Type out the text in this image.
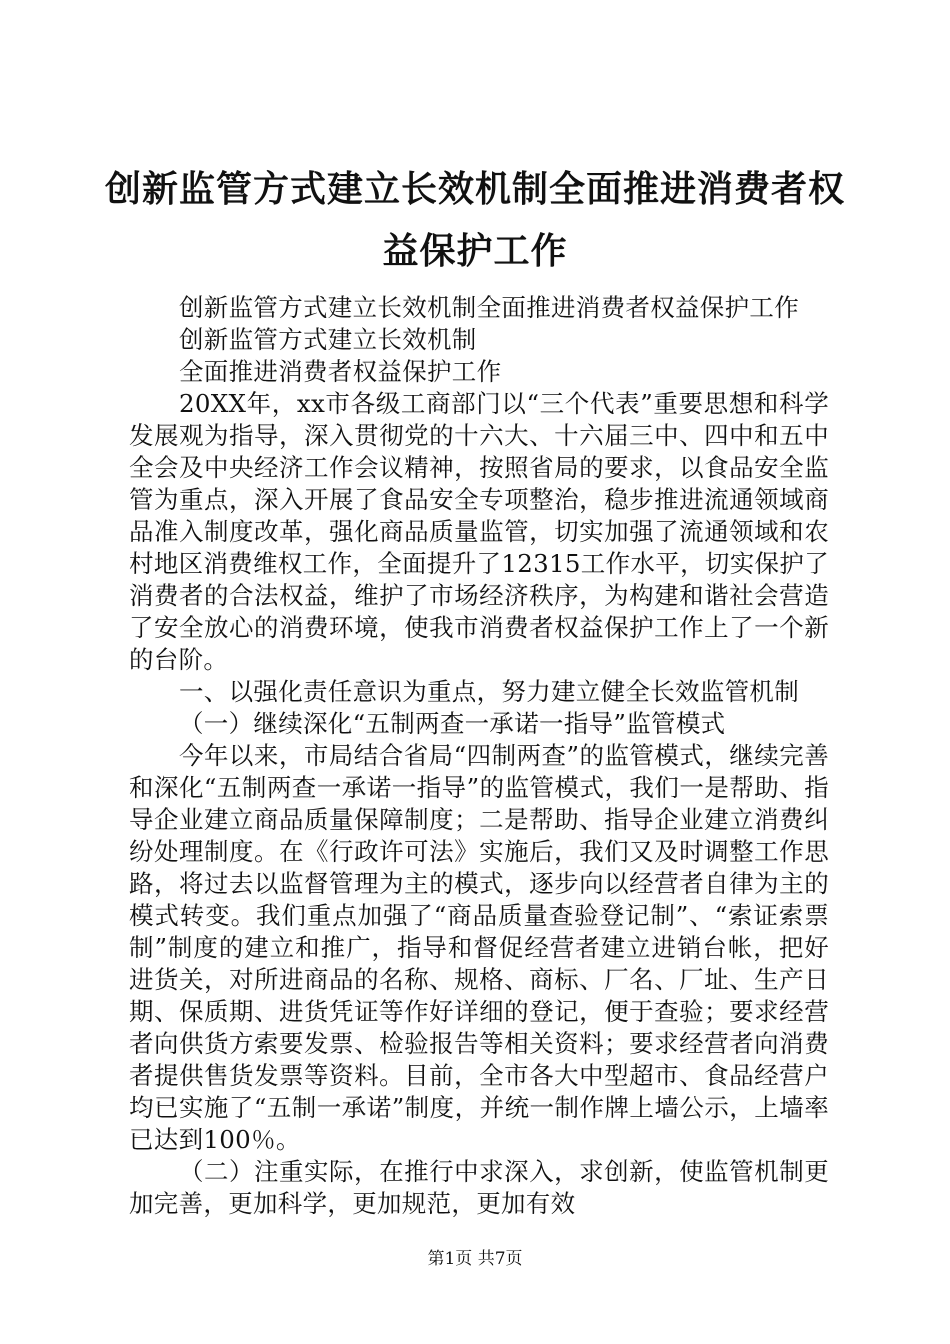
创新监管方式建立长效机制全面推进消费者权益保护工作

创新监管方式建立长效机制全面推进消费者权益保护工作

创新监管方式建立长效机制

全面推进消费者权益保护工作

20XX年，xx市各级工商部门以“三个代表”重要思想和科学发展观为指导，深入贯彻党的十六大、十六届三中、四中和五中全会及中央经济工作会议精神，按照省局的要求，以食品安全监管为重点，深入开展了食品安全专项整治，稳步推进流通领域商品准入制度改革，强化商品质量监管，切实加强了流通领域和农村地区消费维权工作，全面提升了12315工作水平，切实保护了消费者的合法权益，维护了市场经济秩序，为构建和谐社会营造了安全放心的消费环境，使我市消费者权益保护工作上了一个新的台阶。

一、以强化责任意识为重点，努力建立健全长效监管机制

（一）继续深化“五制两查一承诺一指导”监管模式

今年以来，市局结合省局“四制两查”的监管模式，继续完善和深化“五制两查一承诺一指导”的监管模式，我们一是帮助、指导企业建立商品质量保障制度；二是帮助、指导企业建立消费纠纷处理制度。在《行政许可法》实施后，我们又及时调整工作思路，将过去以监督管理为主的模式，逐步向以经营者自律为主的模式转变。我们重点加强了“商品质量查验登记制”、“索证索票制”制度的建立和推广，指导和督促经营者建立进销台帐，把好进货关，对所进商品的名称、规格、商标、厂名、厂址、生产日期、保质期、进货凭证等作好详细的登记，便于查验；要求经营者向供货方索要发票、检验报告等相关资料；要求经营者向消费者提供售货发票等资料。目前，全市各大中型超市、食品经营户均已实施了“五制一承诺”制度，并统一制作牌上墙公示，上墙率已达到100％。

（二）注重实际，在推行中求深入，求创新，使监管机制更加完善，更加科学，更加规范，更加有效

第1页 共7页
